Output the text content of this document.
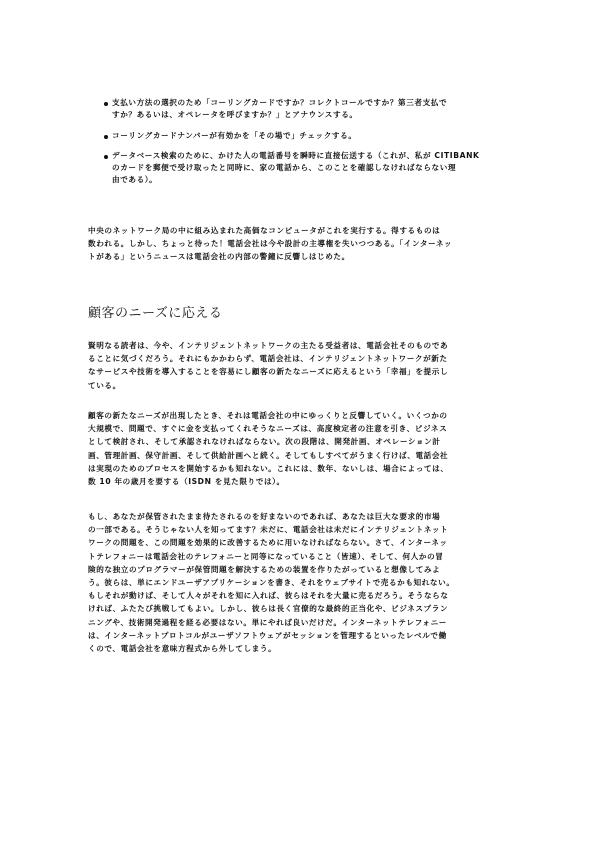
支払い方法の選択のため「コーリングカードですか？コレクトコールですか？第三者支払で
すか？あるいは、オペレータを呼びますか？」とアナウンスする。
コーリングカードナンバーが有効かを「その場で」チェックする。
データベース検索のために、かけた人の電話番号を瞬時に直接伝送する（これが、私が CITIBANK
のカードを郵便で受け取ったと同時に、家の電話から、このことを確認しなければならない理
由である）。

中央のネットワーク局の中に組み込まれた高価なコンピュータがこれを実行する。得するものは
数われる。しかし、ちょっと待った！電話会社は今や設計の主導権を失いつつある。「インターネッ
トがある」というニュースは電話会社の内部の警鐘に反響しはじめた。

顧客のニーズに応える

賢明なる読者は、今や、インテリジェントネットワークの主たる受益者は、電話会社そのものであ
ることに気づくだろう。それにもかかわらず、電話会社は、インテリジェントネットワークが新た
なサービスや技術を導入することを容易にし顧客の新たなニーズに応えるという「幸福」を提示し
ている。

顧客の新たなニーズが出現したとき、それは電話会社の中にゆっくりと反響していく。いくつかの
大規模で、問題で、すぐに金を支払ってくれそうなニーズは、高度検定者の注意を引き、ビジネス
として検討され、そして承認されなければならない。次の段階は、開発計画、オペレーション計
画、管理計画、保守計画、そして供給計画へと続く。そしてもしすべてがうまく行けば、電話会社
は実現のためのプロセスを開始するかも知れない。これには、数年、ないしは、場合によっては、
数 10 年の歳月を要する（ISDN を見た限りでは）。

もし、あなたが保管されたまま待たされるのを好まないのであれば、あなたは巨大な要求的市場
の一部である。そうじゃない人を知ってます？未だに、電話会社は未だにインテリジェントネット
ワークの問題を、この問題を効果的に改善するために用いなければならない。さて、インターネッ
トテレフォニーは電話会社のテレフォニーと同等になっていること（皆速）、そして、何人かの冒
険的な独立のプログラマーが保管問題を解決するための装置を作りたがっていると想像してみよ
う。彼らは、単にエンドユーザアプリケーションを書き、それをウェブサイトで売るかも知れない。
もしそれが動けば、そして人々がそれを知に入れば、彼らはそれを大量に売るだろう。そうならな
ければ、ふたたび挑戦してもよい。しかし、彼らは長く官僚的な最終的正当化や、ビジネスプラン
ニングや、技術開発過程を経る必要はない。単にやれば良いだけだ。インターネットテレフォニー
は、インターネットプロトコルがユーザソフトウェアがセッションを管理するといったレベルで働
くので、電話会社を意味方程式から外してしまう。
